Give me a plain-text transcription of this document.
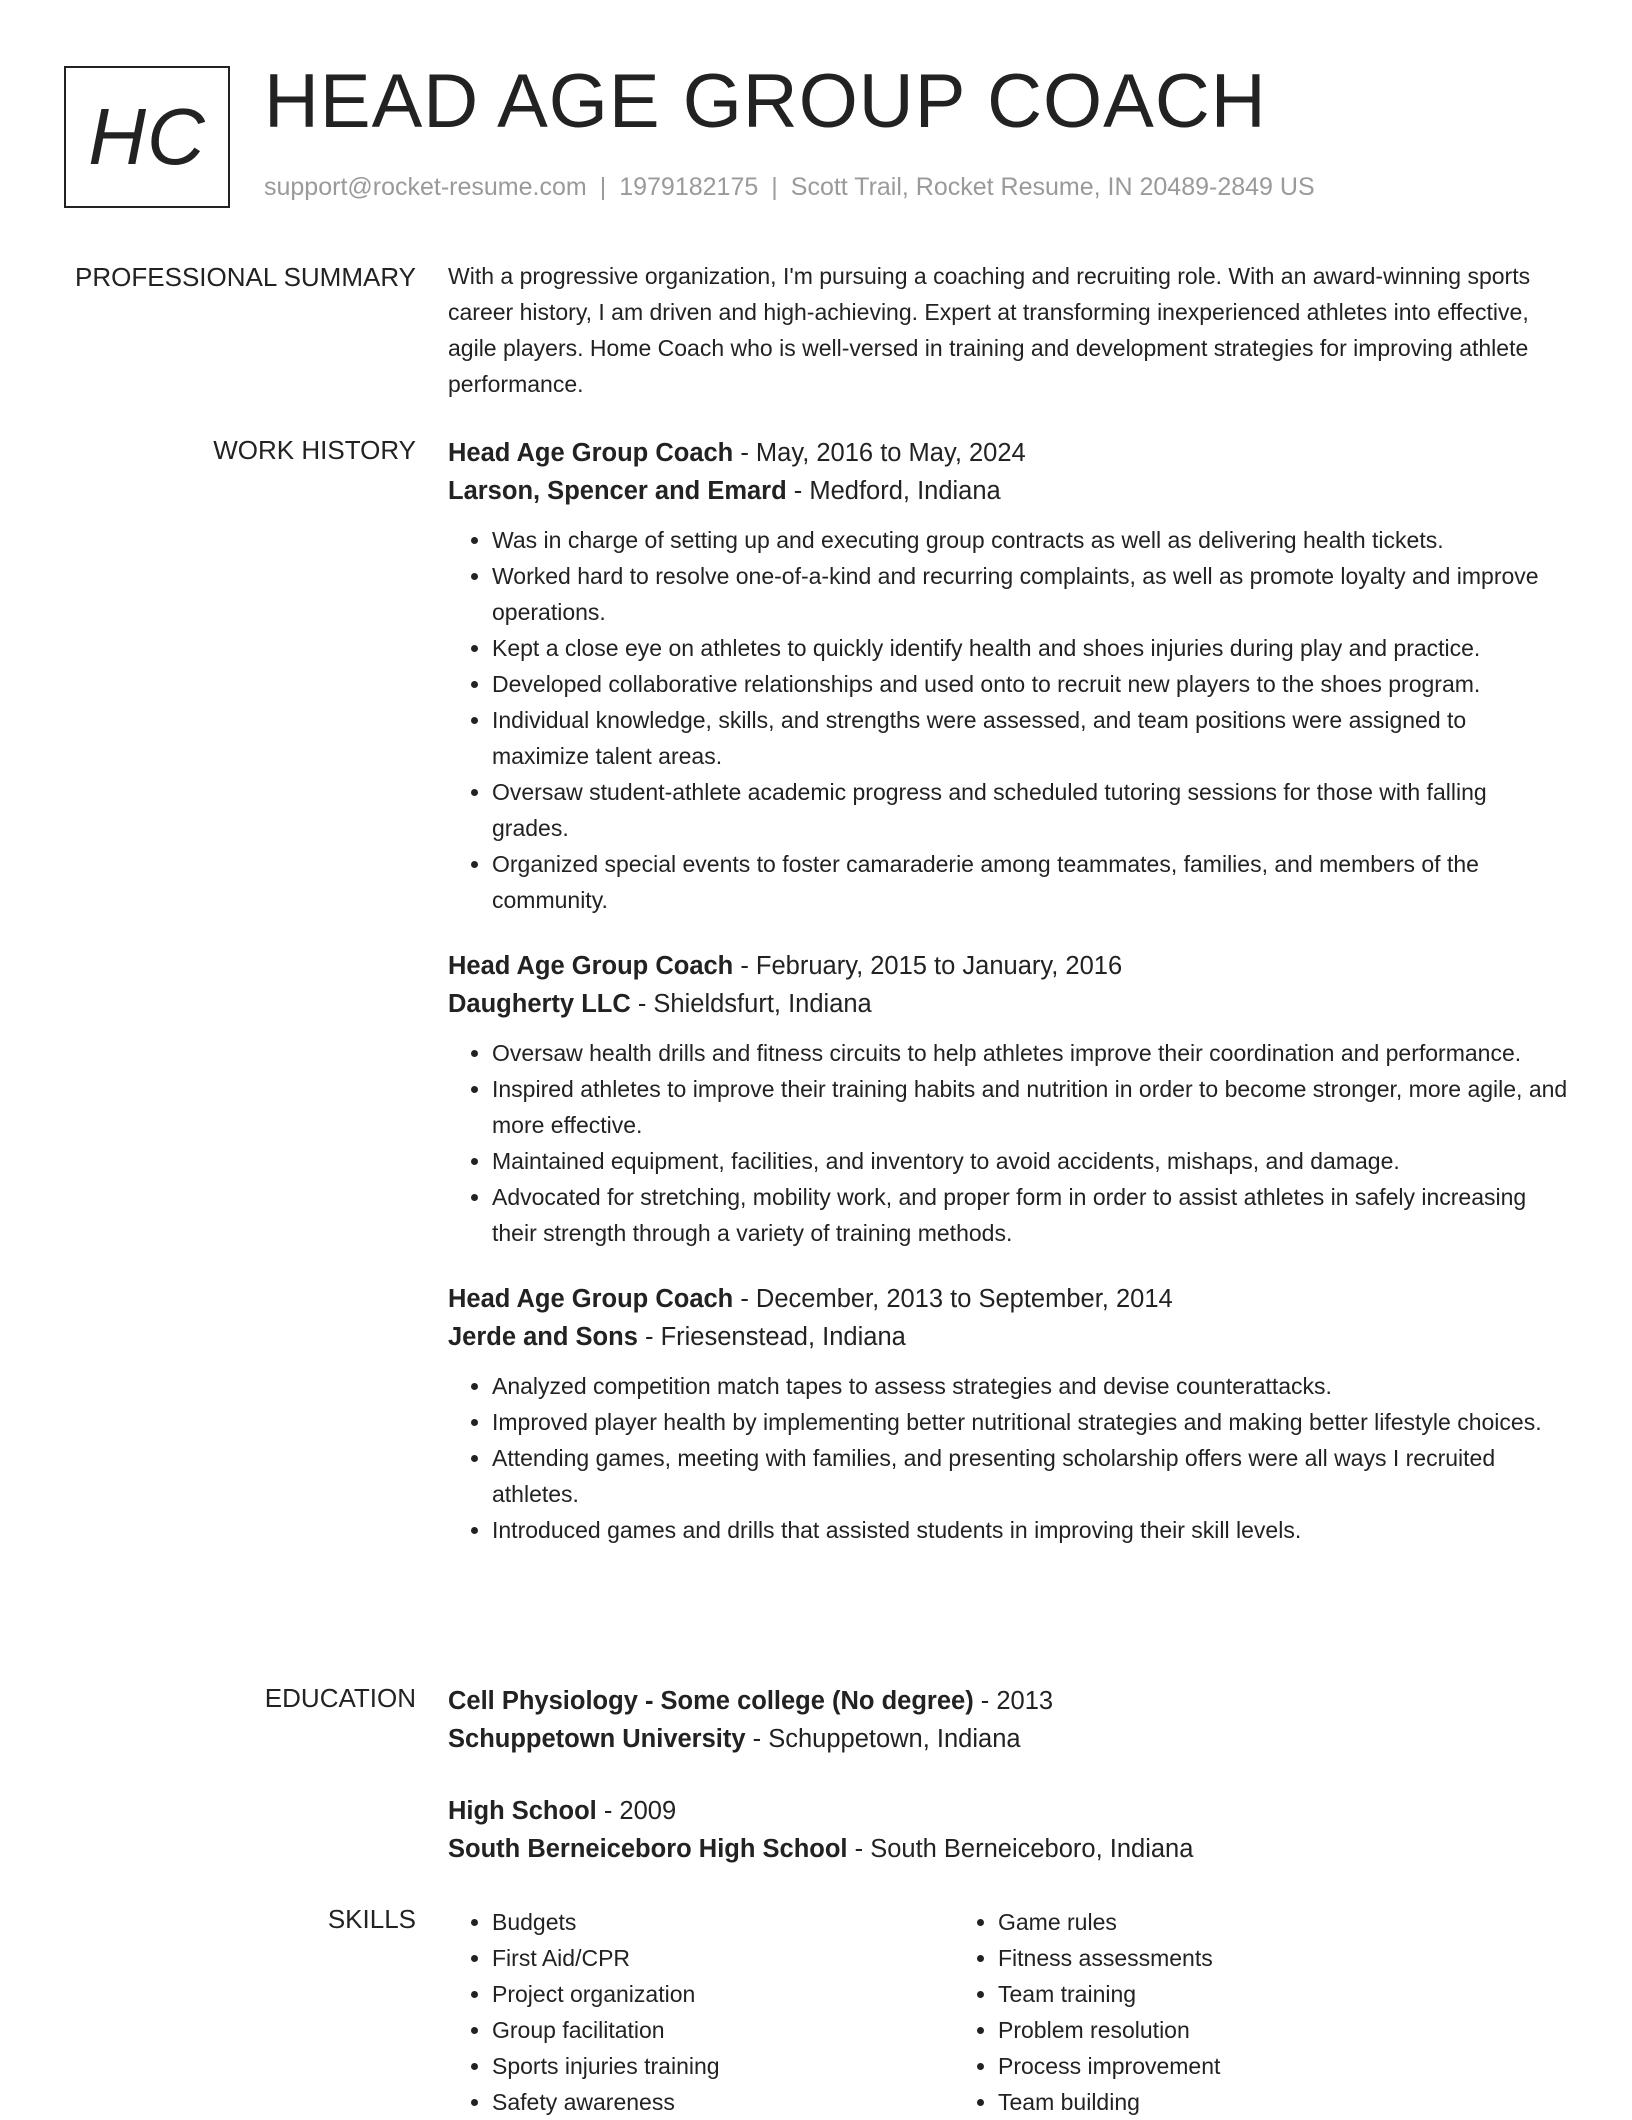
HC HEAD AGE GROUP COACH
support@rocket-resume.com | 1979182175 | Scott Trail, Rocket Resume, IN 20489-2849 US
PROFESSIONAL SUMMARY With a progressive organization, I'm pursuing a coaching and recruiting role. With an award-winning sports career history, I am driven and high-achieving. Expert at transforming inexperienced athletes into effective, agile players. Home Coach who is well-versed in training and development strategies for improving athlete performance.
WORK HISTORY Head Age Group Coach - May, 2016 to May, 2024
Larson, Spencer and Emard - Medford, Indiana
• Was in charge of setting up and executing group contracts as well as delivering health tickets.
• Worked hard to resolve one-of-a-kind and recurring complaints, as well as promote loyalty and improve operations.
• Kept a close eye on athletes to quickly identify health and shoes injuries during play and practice.
• Developed collaborative relationships and used onto to recruit new players to the shoes program.
• Individual knowledge, skills, and strengths were assessed, and team positions were assigned to maximize talent areas.
• Oversaw student-athlete academic progress and scheduled tutoring sessions for those with falling grades.
• Organized special events to foster camaraderie among teammates, families, and members of the community.
Head Age Group Coach - February, 2015 to January, 2016
Daugherty LLC - Shieldsfurt, Indiana
• Oversaw health drills and fitness circuits to help athletes improve their coordination and performance.
• Inspired athletes to improve their training habits and nutrition in order to become stronger, more agile, and more effective.
• Maintained equipment, facilities, and inventory to avoid accidents, mishaps, and damage.
• Advocated for stretching, mobility work, and proper form in order to assist athletes in safely increasing their strength through a variety of training methods.
Head Age Group Coach - December, 2013 to September, 2014
Jerde and Sons - Friesenstead, Indiana
• Analyzed competition match tapes to assess strategies and devise counterattacks.
• Improved player health by implementing better nutritional strategies and making better lifestyle choices.
• Attending games, meeting with families, and presenting scholarship offers were all ways I recruited athletes.
• Introduced games and drills that assisted students in improving their skill levels.
EDUCATION Cell Physiology - Some college (No degree) - 2013
Schuppetown University - Schuppetown, Indiana
High School - 2009
South Berneiceboro High School - South Berneiceboro, Indiana
SKILLS
•	Budgets
• First Aid/CPR
• Project organization
• Group facilitation
• Sports injuries training
• Safety awareness
• Game rules
• Fitness assessments
• Team training
• Problem resolution
• Process improvement
• Team building
